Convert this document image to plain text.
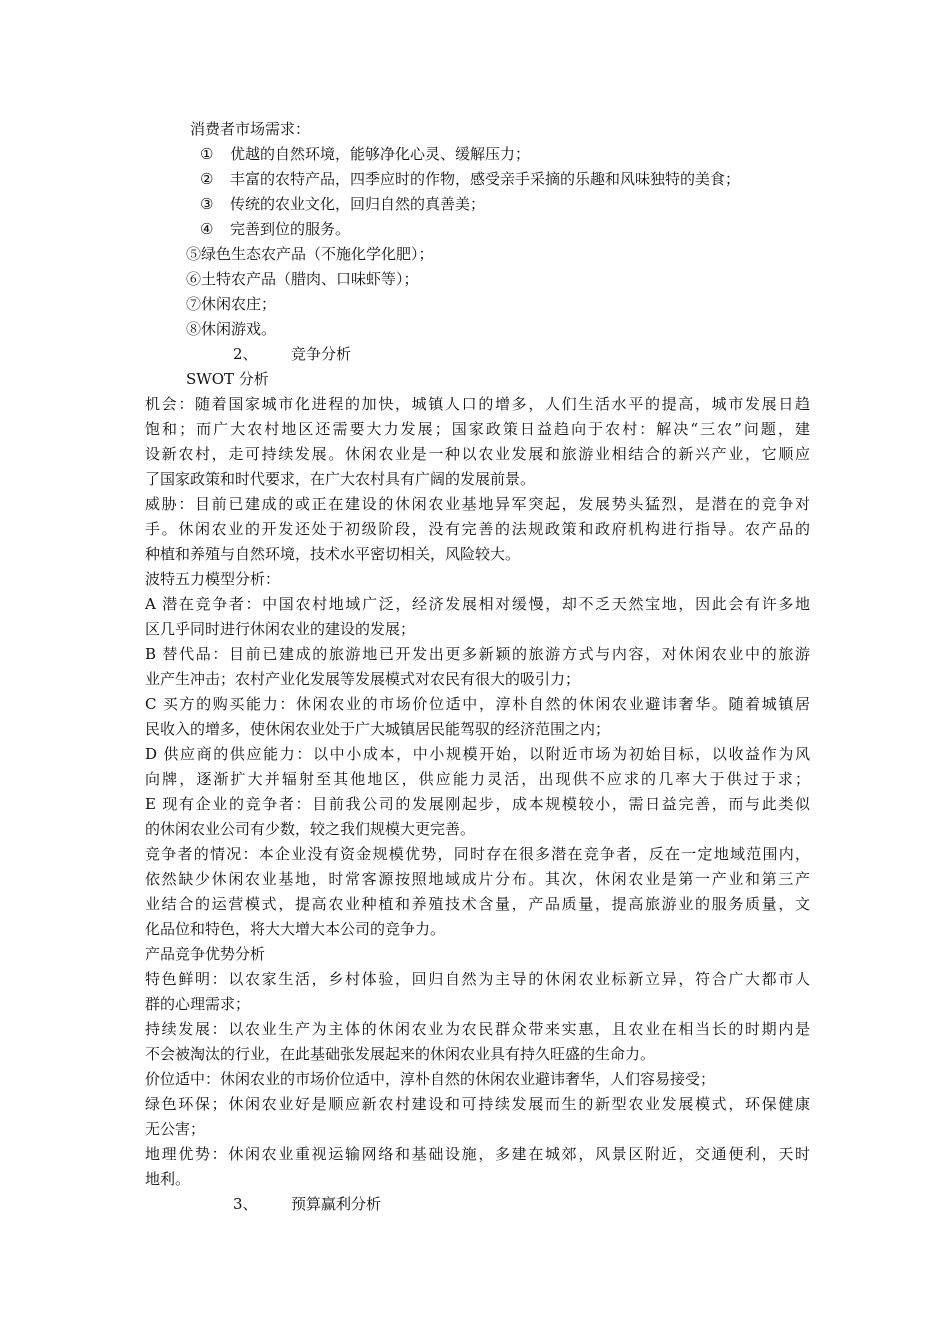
消费者市场需求：
① 优越的自然环境，能够净化心灵、缓解压力；
② 丰富的农特产品，四季应时的作物，感受亲手采摘的乐趣和风味独特的美食；
③ 传统的农业文化，回归自然的真善美；
④ 完善到位的服务。
⑤绿色生态农产品（不施化学化肥）；
⑥土特农产品（腊肉、口味虾等）；
⑦休闲农庄；
⑧休闲游戏。
2、 竞争分析
SWOT 分析
机会：随着国家城市化进程的加快，城镇人口的增多，人们生活水平的提高，城市发展日趋
饱和；而广大农村地区还需要大力发展；国家政策日益趋向于农村：解决“三农”问题，建
设新农村，走可持续发展。休闲农业是一种以农业发展和旅游业相结合的新兴产业，它顺应
了国家政策和时代要求，在广大农村具有广阔的发展前景。
威胁：目前已建成的或正在建设的休闲农业基地异军突起，发展势头猛烈，是潜在的竞争对
手。休闲农业的开发还处于初级阶段，没有完善的法规政策和政府机构进行指导。农产品的
种植和养殖与自然环境，技术水平密切相关，风险较大。
波特五力模型分析：
A 潜在竞争者：中国农村地域广泛，经济发展相对缓慢，却不乏天然宝地，因此会有许多地
区几乎同时进行休闲农业的建设的发展；
B 替代品：目前已建成的旅游地已开发出更多新颖的旅游方式与内容，对休闲农业中的旅游
业产生冲击；农村产业化发展等发展模式对农民有很大的吸引力；
C 买方的购买能力：休闲农业的市场价位适中，淳朴自然的休闲农业避讳奢华。随着城镇居
民收入的增多，使休闲农业处于广大城镇居民能驾驭的经济范围之内；
D 供应商的供应能力：以中小成本，中小规模开始，以附近市场为初始目标，以收益作为风
向牌，逐渐扩大并辐射至其他地区，供应能力灵活，出现供不应求的几率大于供过于求；
E 现有企业的竞争者：目前我公司的发展刚起步，成本规模较小，需日益完善，而与此类似
的休闲农业公司有少数，较之我们规模大更完善。
竞争者的情况：本企业没有资金规模优势，同时存在很多潜在竞争者，反在一定地域范围内，
依然缺少休闲农业基地，时常客源按照地域成片分布。其次，休闲农业是第一产业和第三产
业结合的运营模式，提高农业种植和养殖技术含量，产品质量，提高旅游业的服务质量，文
化品位和特色，将大大增大本公司的竞争力。
产品竞争优势分析
特色鲜明：以农家生活，乡村体验，回归自然为主导的休闲农业标新立异，符合广大都市人
群的心理需求；
持续发展：以农业生产为主体的休闲农业为农民群众带来实惠，且农业在相当长的时期内是
不会被淘汰的行业，在此基础张发展起来的休闲农业具有持久旺盛的生命力。
价位适中：休闲农业的市场价位适中，淳朴自然的休闲农业避讳奢华，人们容易接受；
绿色环保；休闲农业好是顺应新农村建设和可持续发展而生的新型农业发展模式，环保健康
无公害；
地理优势：休闲农业重视运输网络和基础设施，多建在城郊，风景区附近，交通便利，天时
地利。
3、 预算赢利分析
